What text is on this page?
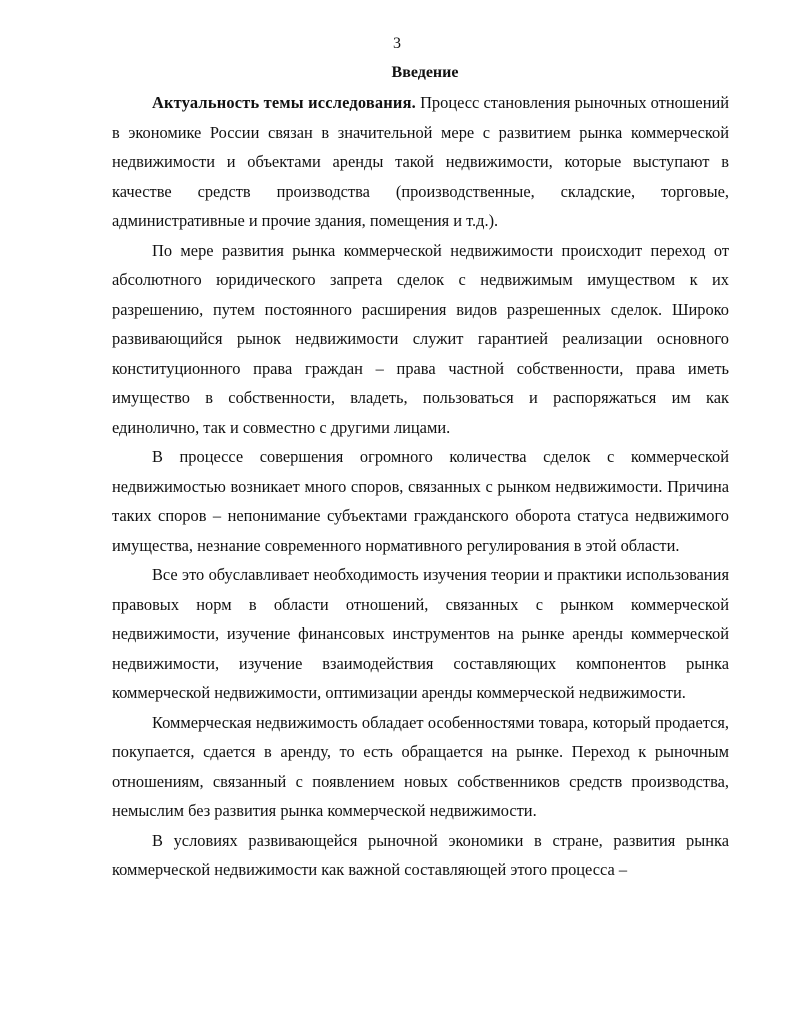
3
Введение

Актуальность темы исследования. Процесс становления рыночных отношений в экономике России связан в значительной мере с развитием рынка коммерческой недвижимости и объектами аренды такой недвижимости, которые выступают в качестве средств производства (производственные, складские, торговые, административные и прочие здания, помещения и т.д.).

По мере развития рынка коммерческой недвижимости происходит переход от абсолютного юридического запрета сделок с недвижимым имуществом к их разрешению, путем постоянного расширения видов разрешенных сделок. Широко развивающийся рынок недвижимости служит гарантией реализации основного конституционного права граждан – права частной собственности, права иметь имущество в собственности, владеть, пользоваться и распоряжаться им как единолично, так и совместно с другими лицами.

В процессе совершения огромного количества сделок с коммерческой недвижимостью возникает много споров, связанных с рынком недвижимости. Причина таких споров – непонимание субъектами гражданского оборота статуса недвижимого имущества, незнание современного нормативного регулирования в этой области.

Все это обуславливает необходимость изучения теории и практики использования правовых норм в области отношений, связанных с рынком коммерческой недвижимости, изучение финансовых инструментов на рынке аренды коммерческой недвижимости, изучение взаимодействия составляющих компонентов рынка коммерческой недвижимости, оптимизации аренды коммерческой недвижимости.

Коммерческая недвижимость обладает особенностями товара, который продается, покупается, сдается в аренду, то есть обращается на рынке. Переход к рыночным отношениям, связанный с появлением новых собственников средств производства, немыслим без развития рынка коммерческой недвижимости.

В условиях развивающейся рыночной экономики в стране, развития рынка коммерческой недвижимости как важной составляющей этого процесса –
